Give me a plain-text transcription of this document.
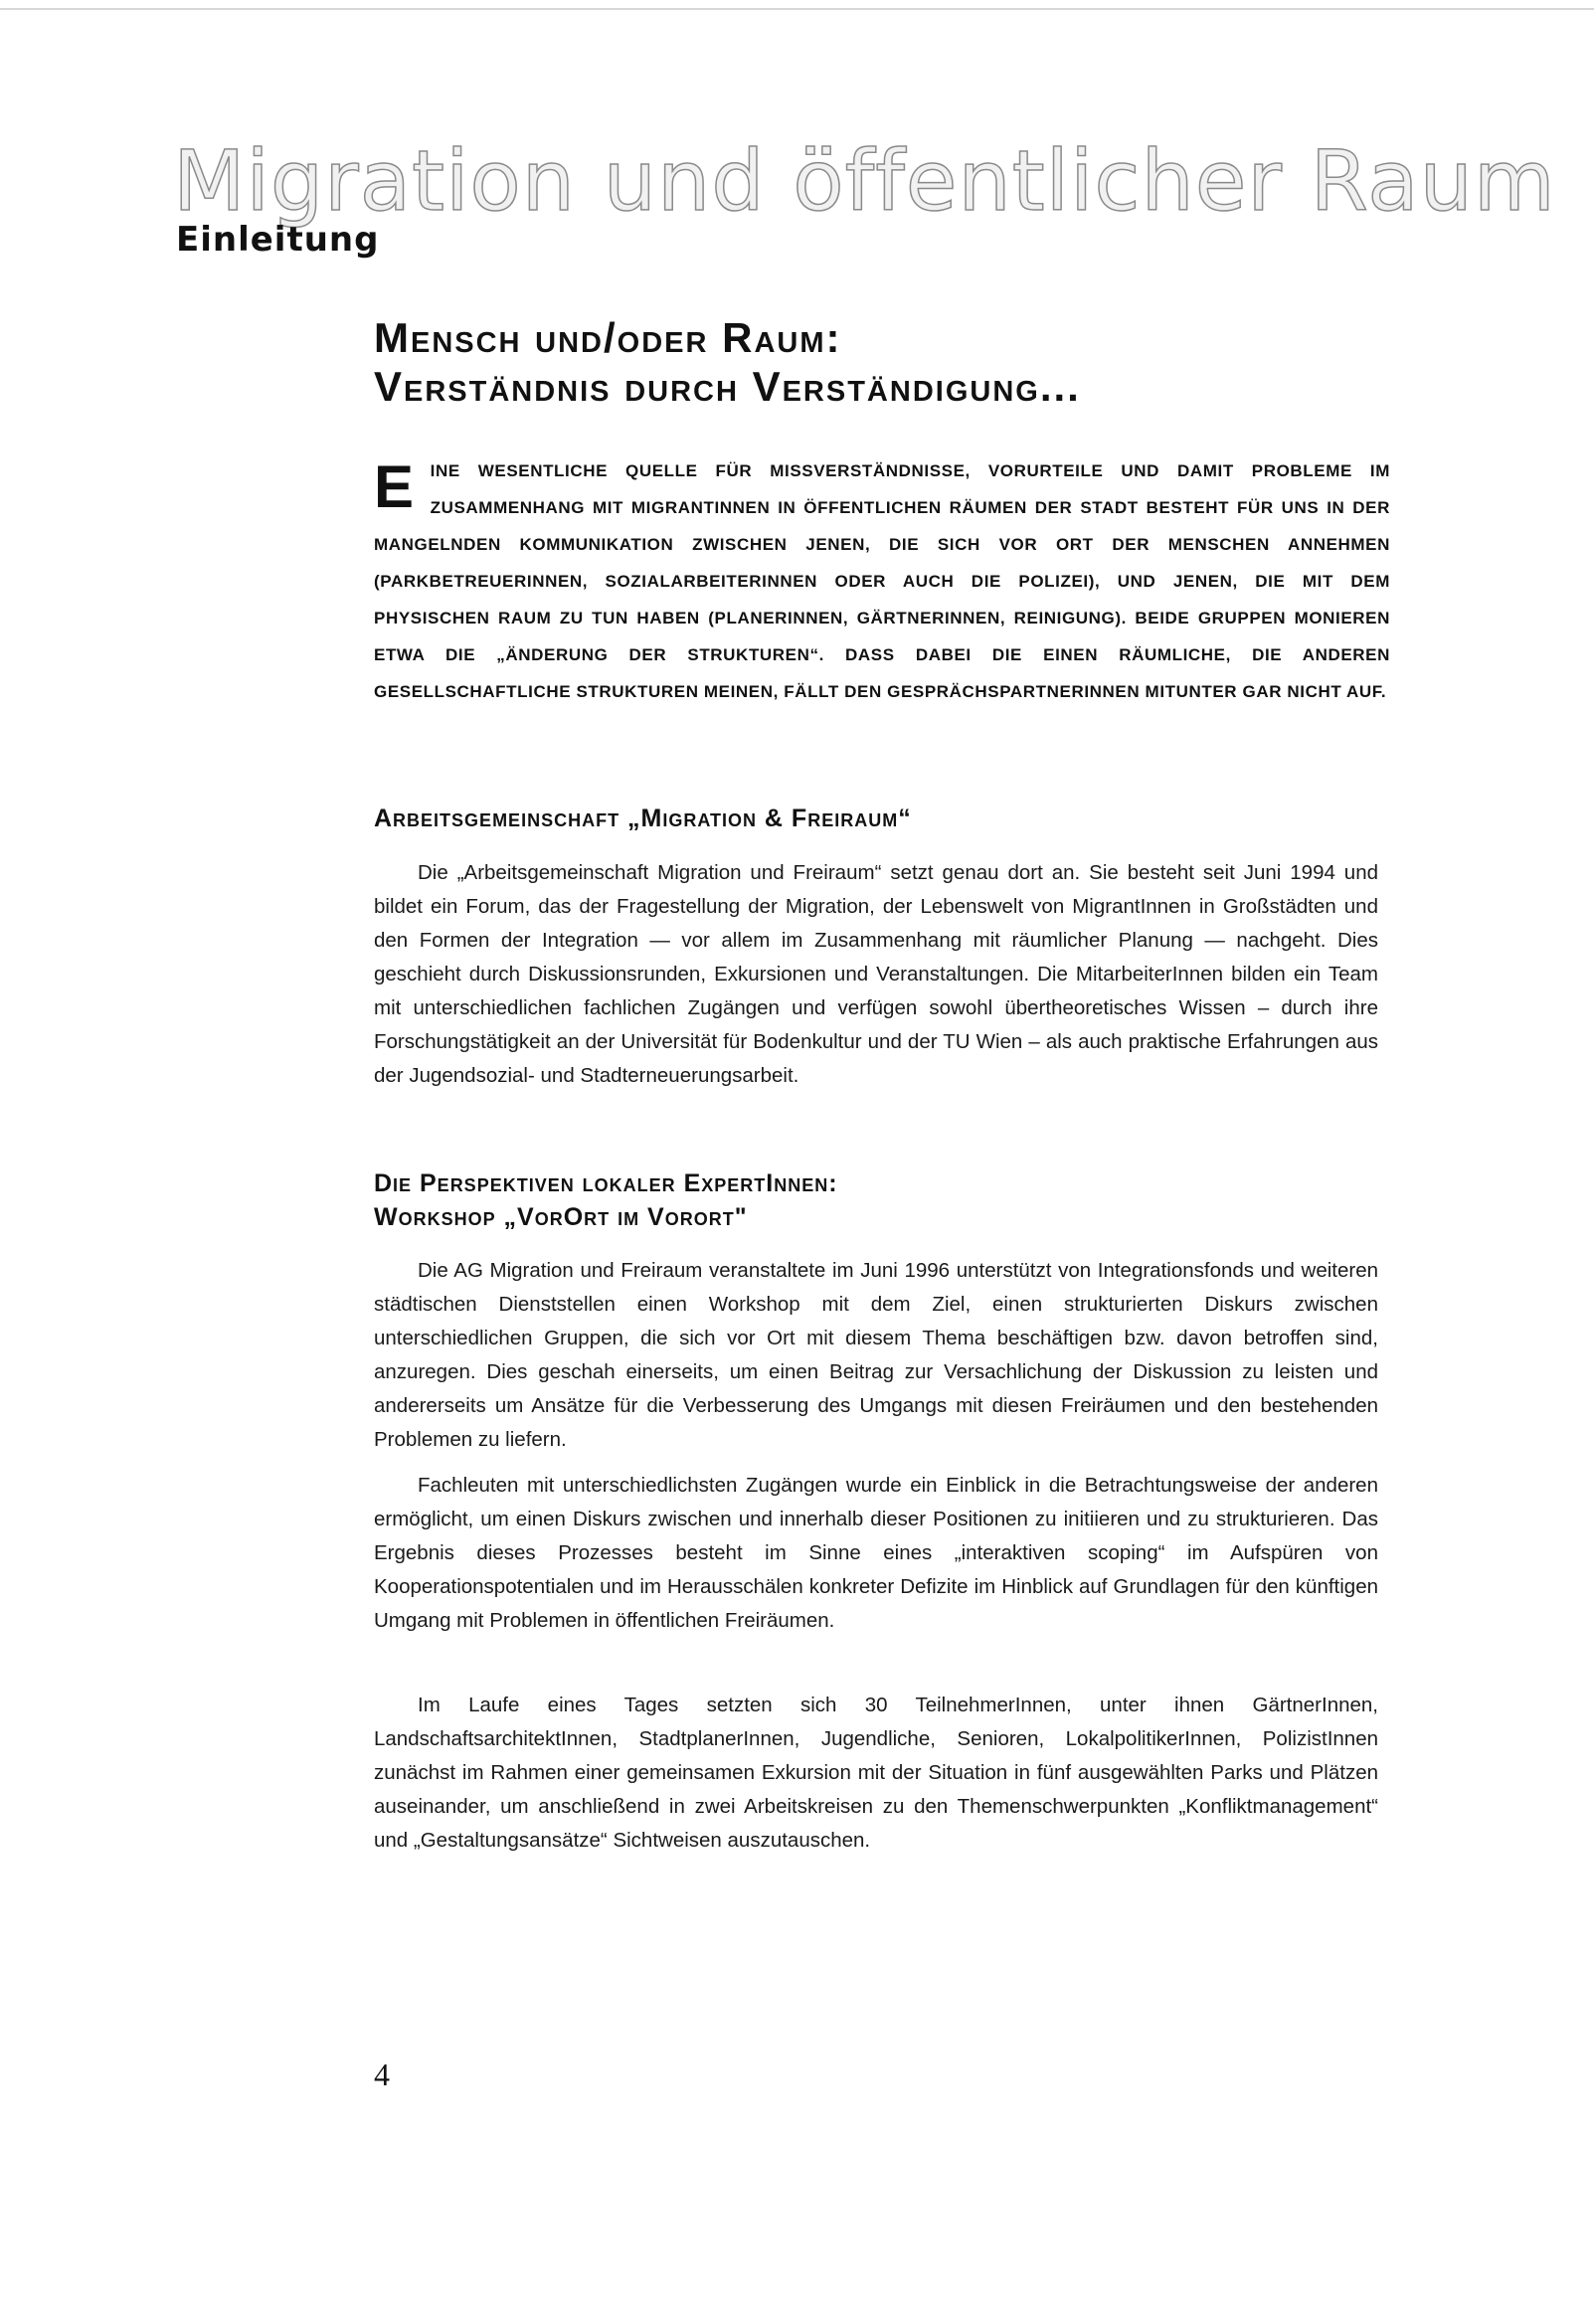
Migration und öffentlicher Raum
Einleitung
Mensch und/oder Raum:
Verständnis durch Verständigung...

E INE WESENTLICHE QUELLE FÜR MISSVERSTÄNDNISSE, VORURTEILE UND DAMIT PROBLEME IM ZUSAMMENHANG MIT MIGRANTINNEN IN ÖFFENTLICHEN RÄUMEN DER STADT BESTEHT FÜR UNS IN DER MANGELNDEN KOMMUNIKATION ZWISCHEN JENEN, DIE SICH VOR ORT DER MENSCHEN ANNEHMEN (PARKBETREUERINNEN, SOZIALARBEITERINNEN ODER AUCH DIE POLIZEI), UND JENEN, DIE MIT DEM PHYSISCHEN RAUM ZU TUN HABEN (PLANERINNEN, GÄRTNERINNEN, REINIGUNG). BEIDE GRUPPEN MONIEREN ETWA DIE „ÄNDERUNG DER STRUKTUREN“. DASS DABEI DIE EINEN RÄUMLICHE, DIE ANDEREN GESELLSCHAFTLICHE STRUKTUREN MEINEN, FÄLLT DEN GESPRÄCHSPARTNERINNEN MITUNTER GAR NICHT AUF.

Arbeitsgemeinschaft „Migration & Freiraum“

Die „Arbeitsgemeinschaft Migration und Freiraum“ setzt genau dort an. Sie besteht seit Juni 1994 und bildet ein Forum, das der Fragestellung der Migration, der Lebenswelt von MigrantInnen in Großstädten und den Formen der Integration — vor allem im Zusammenhang mit räumlicher Planung — nachgeht. Dies geschieht durch Diskussionsrunden, Exkursionen und Veranstaltungen. Die MitarbeiterInnen bilden ein Team mit unterschiedlichen fachlichen Zugängen und verfügen sowohl übertheoretisches Wissen – durch ihre Forschungstätigkeit an der Universität für Bodenkultur und der TU Wien – als auch praktische Erfahrungen aus der Jugendsozial- und Stadterneuerungsarbeit.

Die Perspektiven lokaler ExpertInnen:
Workshop „VorOrt im Vorort"

Die AG Migration und Freiraum veranstaltete im Juni 1996 unterstützt von Integrationsfonds und weiteren städtischen Dienststellen einen Workshop mit dem Ziel, einen strukturierten Diskurs zwischen unterschiedlichen Gruppen, die sich vor Ort mit diesem Thema beschäftigen bzw. davon betroffen sind, anzuregen. Dies geschah einerseits, um einen Beitrag zur Versachlichung der Diskussion zu leisten und andererseits um Ansätze für die Verbesserung des Umgangs mit diesen Freiräumen und den bestehenden Problemen zu liefern.

Fachleuten mit unterschiedlichsten Zugängen wurde ein Einblick in die Betrachtungsweise der anderen ermöglicht, um einen Diskurs zwischen und innerhalb dieser Positionen zu initiieren und zu strukturieren. Das Ergebnis dieses Prozesses besteht im Sinne eines „interaktiven scoping“ im Aufspüren von Kooperationspotentialen und im Herausschälen konkreter Defizite im Hinblick auf Grundlagen für den künftigen Umgang mit Problemen in öffentlichen Freiräumen.

Im Laufe eines Tages setzten sich 30 TeilnehmerInnen, unter ihnen GärtnerInnen, LandschaftsarchitektInnen, StadtplanerInnen, Jugendliche, Senioren, LokalpolitikerInnen, PolizistInnen zunächst im Rahmen einer gemeinsamen Exkursion mit der Situation in fünf ausgewählten Parks und Plätzen auseinander, um anschließend in zwei Arbeitskreisen zu den Themenschwerpunkten „Konfliktmanagement“ und „Gestaltungsansätze“ Sichtweisen auszutauschen.

4
